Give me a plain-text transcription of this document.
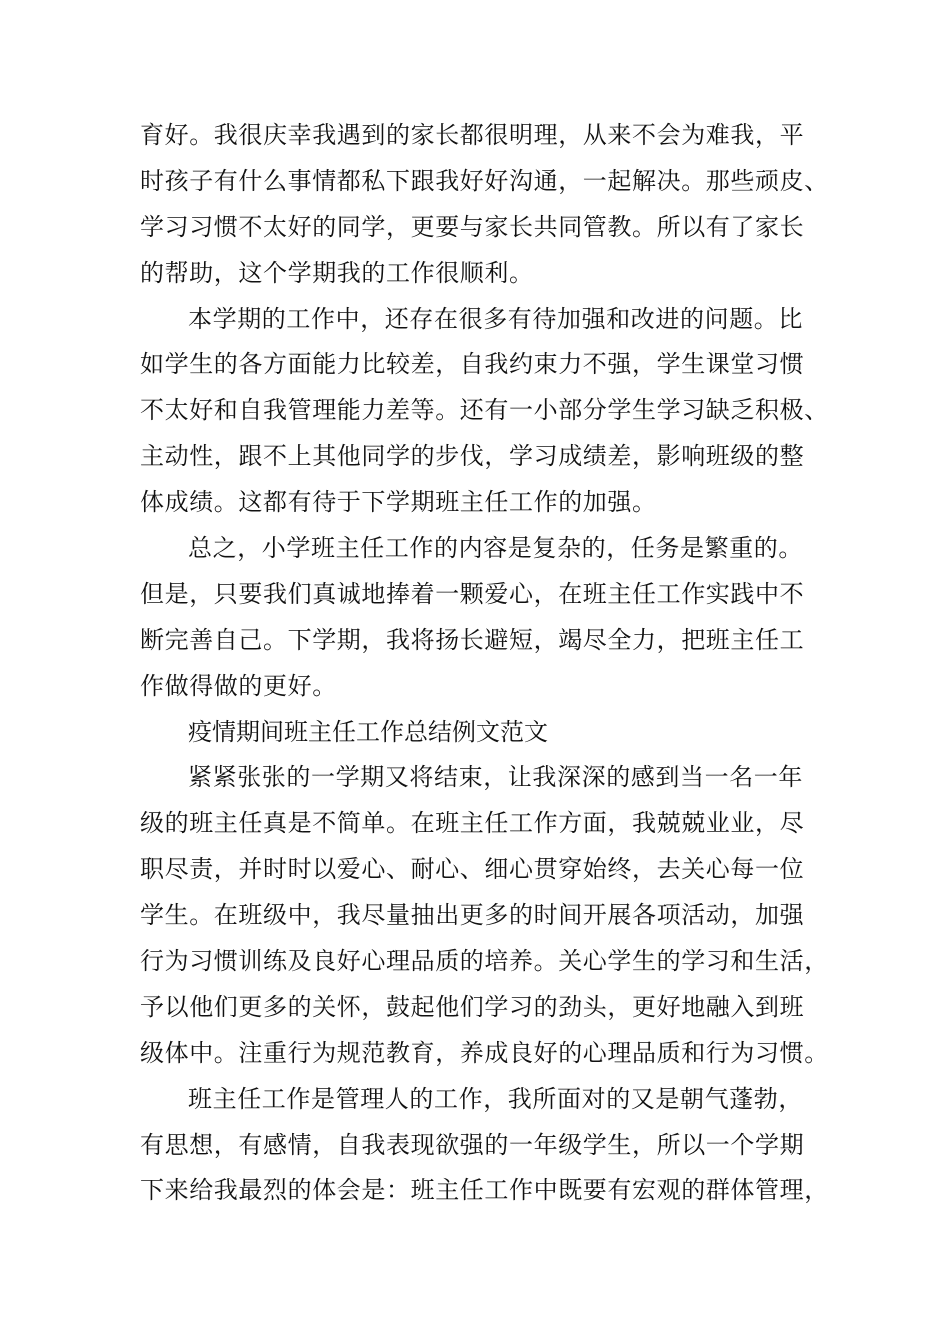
育好。我很庆幸我遇到的家长都很明理，从来不会为难我，平
时孩子有什么事情都私下跟我好好沟通，一起解决。那些顽皮、
学习习惯不太好的同学，更要与家长共同管教。所以有了家长
的帮助，这个学期我的工作很顺利。
本学期的工作中，还存在很多有待加强和改进的问题。比
如学生的各方面能力比较差，自我约束力不强，学生课堂习惯
不太好和自我管理能力差等。还有一小部分学生学习缺乏积极、
主动性，跟不上其他同学的步伐，学习成绩差，影响班级的整
体成绩。这都有待于下学期班主任工作的加强。
总之，小学班主任工作的内容是复杂的，任务是繁重的。
但是，只要我们真诚地捧着一颗爱心，在班主任工作实践中不
断完善自己。下学期，我将扬长避短，竭尽全力，把班主任工
作做得做的更好。
疫情期间班主任工作总结例文范文
紧紧张张的一学期又将结束，让我深深的感到当一名一年
级的班主任真是不简单。在班主任工作方面，我兢兢业业，尽
职尽责，并时时以爱心、耐心、细心贯穿始终，去关心每一位
学生。在班级中，我尽量抽出更多的时间开展各项活动，加强
行为习惯训练及良好心理品质的培养。关心学生的学习和生活，
予以他们更多的关怀，鼓起他们学习的劲头，更好地融入到班
级体中。注重行为规范教育，养成良好的心理品质和行为习惯。
班主任工作是管理人的工作，我所面对的又是朝气蓬勃，
有思想，有感情，自我表现欲强的一年级学生，所以一个学期
下来给我最烈的体会是：班主任工作中既要有宏观的群体管理，
